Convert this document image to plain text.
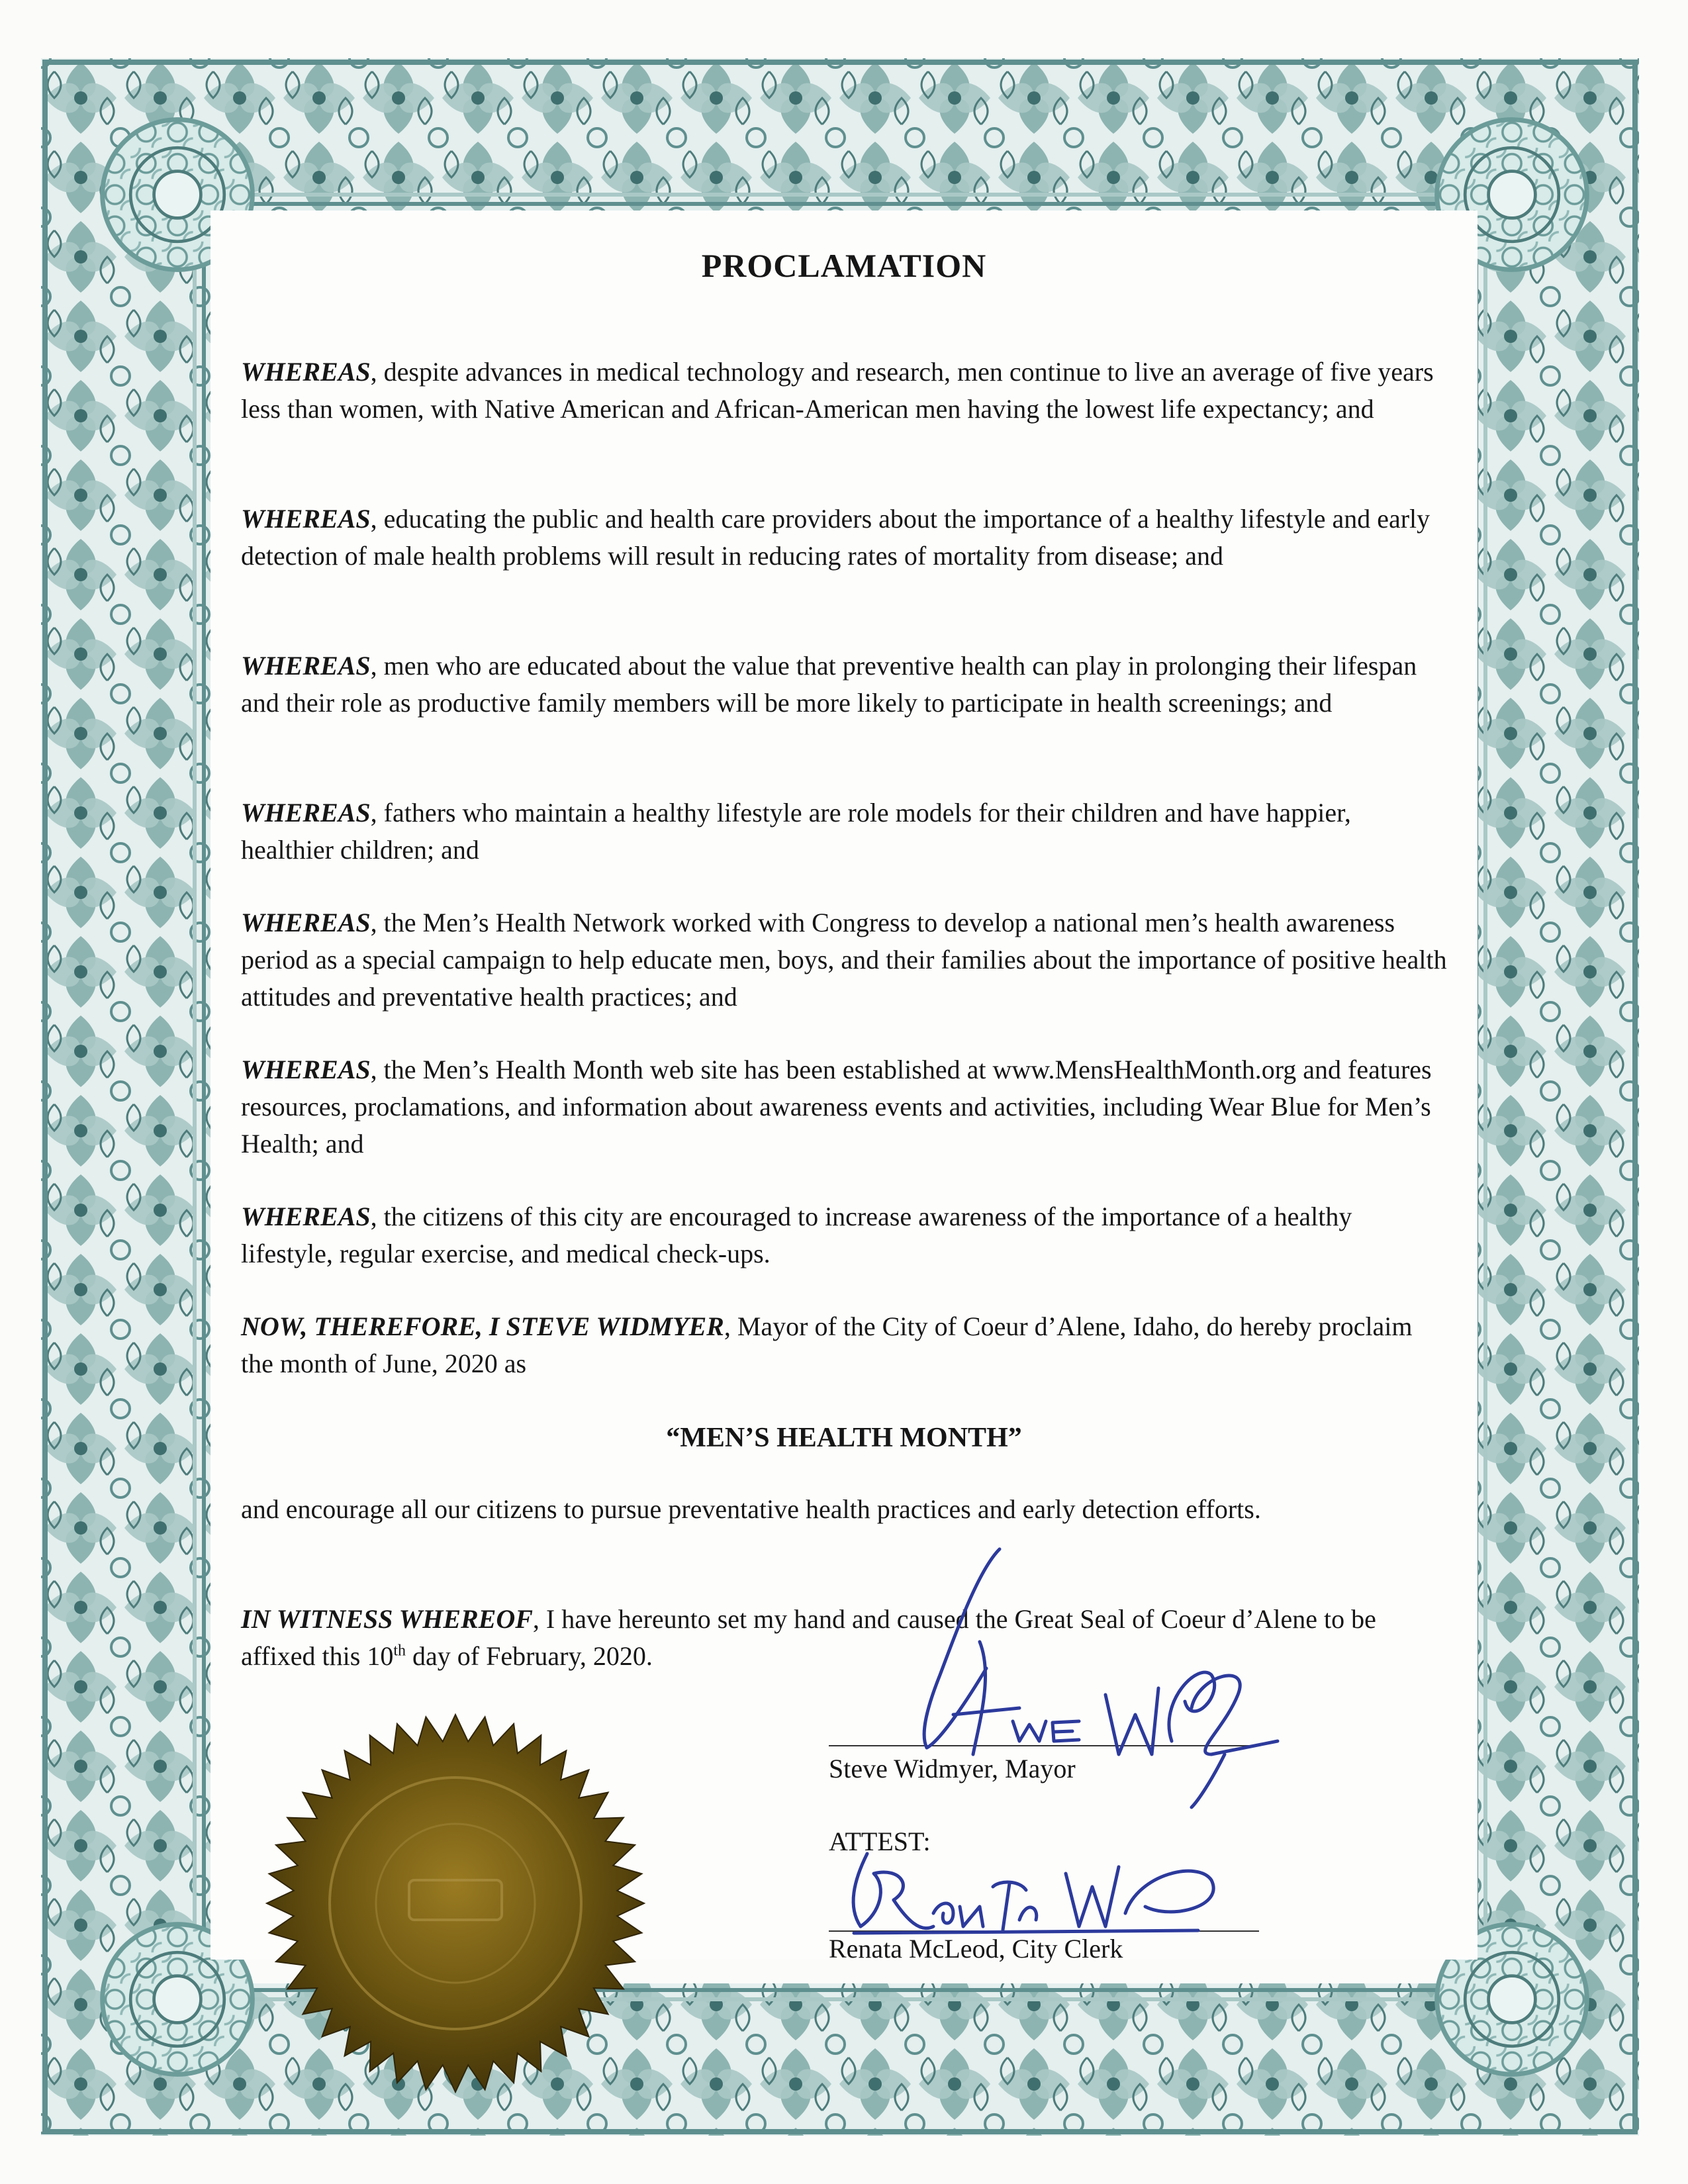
PROCLAMATION

WHEREAS, despite advances in medical technology and research, men continue to live an average of five years less than women, with Native American and African-American men having the lowest life expectancy; and

WHEREAS, educating the public and health care providers about the importance of a healthy lifestyle and early detection of male health problems will result in reducing rates of mortality from disease; and

WHEREAS, men who are educated about the value that preventive health can play in prolonging their lifespan and their role as productive family members will be more likely to participate in health screenings; and

WHEREAS, fathers who maintain a healthy lifestyle are role models for their children and have happier, healthier children; and

WHEREAS, the Men’s Health Network worked with Congress to develop a national men’s health awareness period as a special campaign to help educate men, boys, and their families about the importance of positive health attitudes and preventative health practices; and

WHEREAS, the Men’s Health Month web site has been established at www.MensHealthMonth.org and features resources, proclamations, and information about awareness events and activities, including Wear Blue for Men’s Health; and

WHEREAS, the citizens of this city are encouraged to increase awareness of the importance of a healthy lifestyle, regular exercise, and medical check-ups.

NOW, THEREFORE, I STEVE WIDMYER, Mayor of the City of Coeur d’Alene, Idaho, do hereby proclaim the month of June, 2020 as

“MEN’S HEALTH MONTH”

and encourage all our citizens to pursue preventative health practices and early detection efforts.

IN WITNESS WHEREOF, I have hereunto set my hand and caused the Great Seal of Coeur d’Alene to be affixed this 10th day of February, 2020.

Steve Widmyer, Mayor
ATTEST:
Renata McLeod, City Clerk
